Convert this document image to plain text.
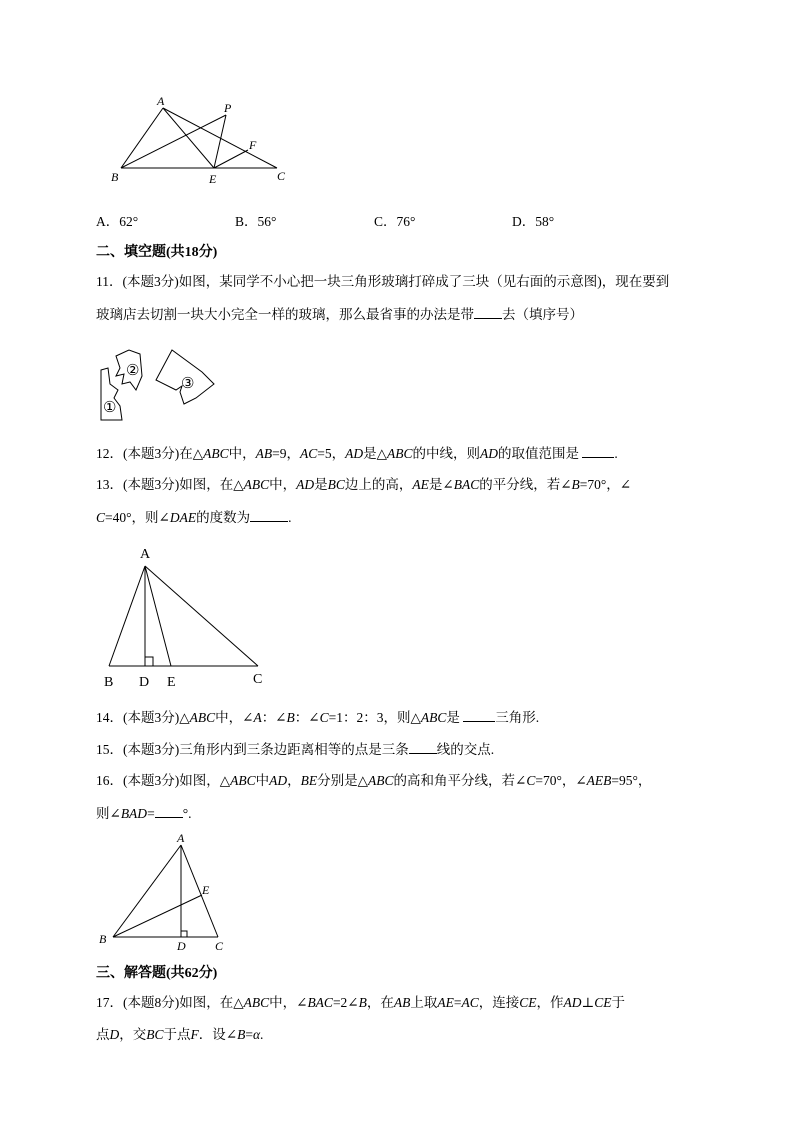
A	P
F
B	E	C
A．62°	B．56°	C．76°	D．58°
二、填空题(共18分)
11．(本题3分)如图，某同学不小心把一块三角形玻璃打碎成了三块（见右面的示意图)，现在要到
玻璃店去切割一块大小完全一样的玻璃，那么最省事的办法是带 去（填序号）
①
②
③
12．(本题3分)在△ABC中，AB=9，AC=5，AD是△ABC的中线，则AD的取值范围是	.
13．(本题3分)如图，在△ABC中，AD是BC边上的高，AE是∠BAC的平分线，若∠B=70°，∠
C=40°，则∠DAE的度数为	.
A
B D E	C
14．(本题3分)△ABC中，∠A：∠B：∠C=1：2：3，则△ABC是	三角形.
15．(本题3分)三角形内到三条边距离相等的点是三条 线的交点.
16．(本题3分)如图，△ABC中AD，BE分别是△ABC的高和角平分线，若∠C=70°，∠AEB=95°，
则∠BAD= °.
A
E
B	D C
三、解答题(共62分)
17．(本题8分)如图，在△ABC中，∠BAC=2∠B，在AB上取AE=AC，连接CE，作AD⊥CE于
点D，交BC于点F．设∠B=α.
